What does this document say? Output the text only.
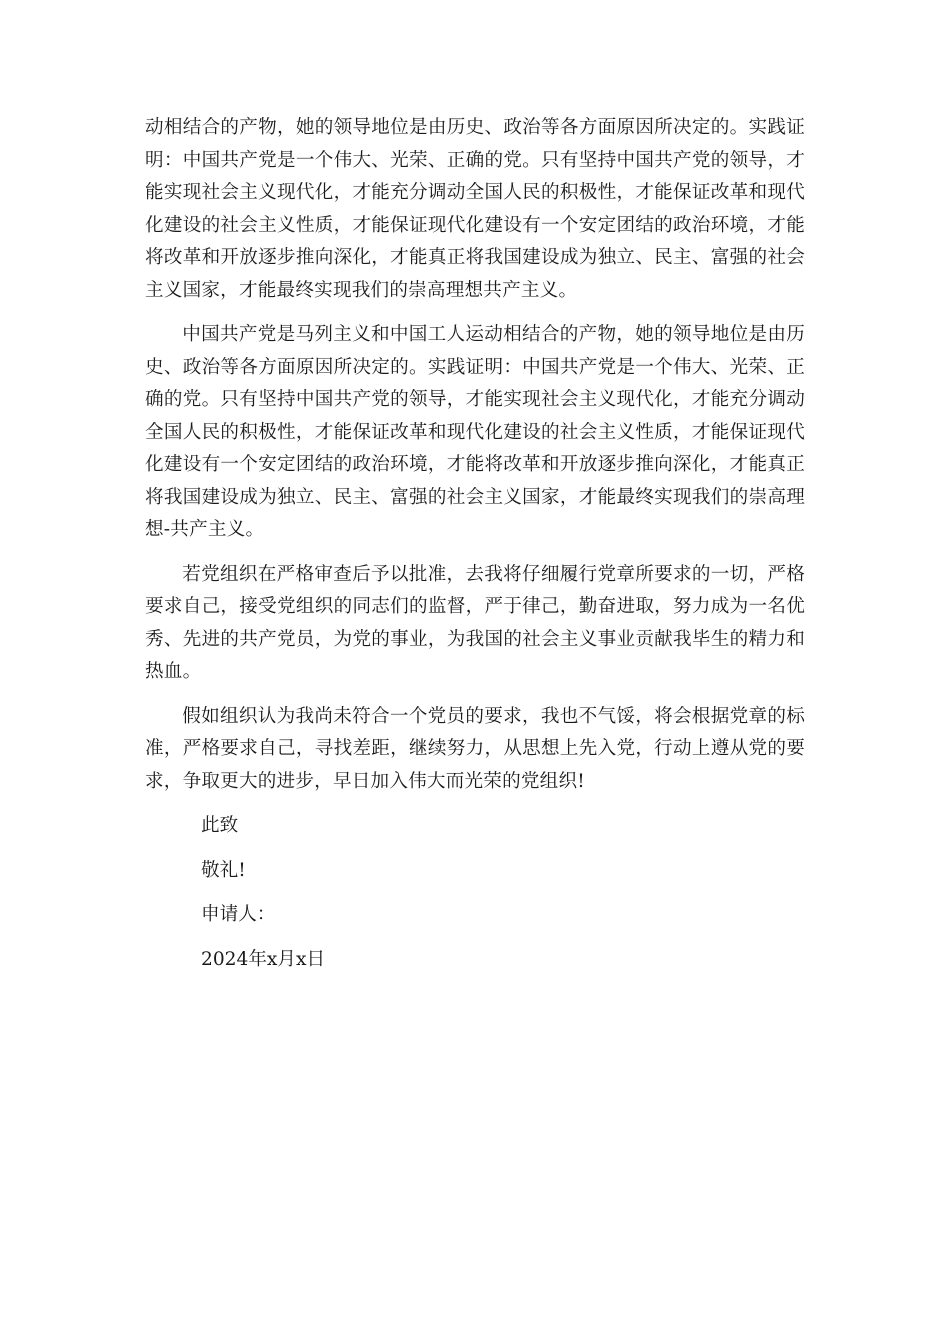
动相结合的产物，她的领导地位是由历史、政治等各方面原因所决定的。实践证明：中国共产党是一个伟大、光荣、正确的党。只有坚持中国共产党的领导，才能实现社会主义现代化，才能充分调动全国人民的积极性，才能保证改革和现代化建设的社会主义性质，才能保证现代化建设有一个安定团结的政治环境，才能将改革和开放逐步推向深化，才能真正将我国建设成为独立、民主、富强的社会主义国家，才能最终实现我们的崇高理想共产主义。

中国共产党是马列主义和中国工人运动相结合的产物，她的领导地位是由历史、政治等各方面原因所决定的。实践证明：中国共产党是一个伟大、光荣、正确的党。只有坚持中国共产党的领导，才能实现社会主义现代化，才能充分调动全国人民的积极性，才能保证改革和现代化建设的社会主义性质，才能保证现代化建设有一个安定团结的政治环境，才能将改革和开放逐步推向深化，才能真正将我国建设成为独立、民主、富强的社会主义国家，才能最终实现我们的崇高理想-共产主义。

若党组织在严格审查后予以批准，去我将仔细履行党章所要求的一切，严格要求自己，接受党组织的同志们的监督，严于律己，勤奋进取，努力成为一名优秀、先进的共产党员，为党的事业，为我国的社会主义事业贡献我毕生的精力和热血。

假如组织认为我尚未符合一个党员的要求，我也不气馁，将会根据党章的标准，严格要求自己，寻找差距，继续努力，从思想上先入党，行动上遵从党的要求，争取更大的进步，早日加入伟大而光荣的党组织!

此致

敬礼!

申请人：

2024年x月x日
